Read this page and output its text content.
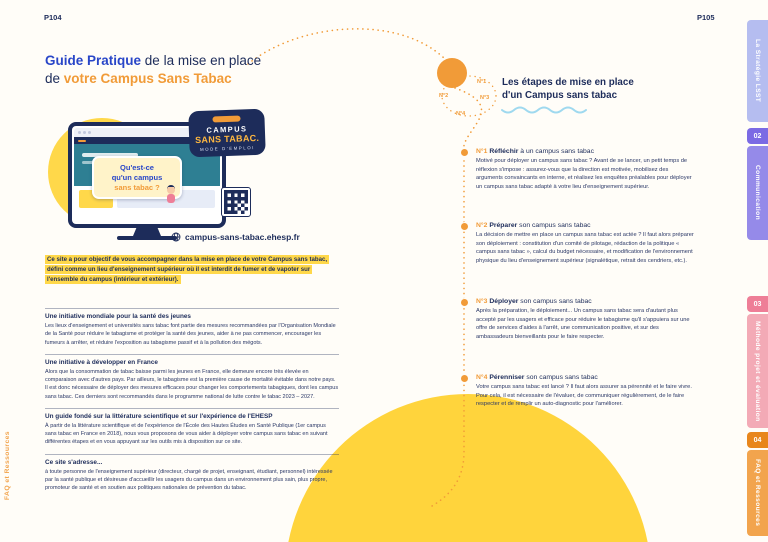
P104	P105
Guide Pratique de la mise en place
de votre Campus Sans Tabac
Qu'est-ce
qu'un campus
sans tabac ?
CAMPUS
SANS TABAC.
MODE D'EMPLOI
campus-sans-tabac.ehesp.fr
Ce site a pour objectif de vous accompagner dans la mise en place de votre Campus sans tabac, défini comme un lieu d'enseignement supérieur où il est interdit de fumer et de vapoter sur l'ensemble du campus (intérieur et extérieur).
Une initiative mondiale pour la santé des jeunes

Les lieux d'enseignement et universités sans tabac font partie des mesures recommandées par l'Organisation Mondiale de la Santé pour réduire le tabagisme et protéger la santé des jeunes, aider à ne pas commencer, encourager les fumeurs à arrêter, et réduire l'exposition au tabagisme passif et à la pollution des mégots.

Une initiative à développer en France

Alors que la consommation de tabac baisse parmi les jeunes en France, elle demeure encore très élevée en comparaison avec d'autres pays. Par ailleurs, le tabagisme est la première cause de mortalité évitable dans notre pays. Il est donc nécessaire de déployer des mesures efficaces pour changer les comportements tabagiques, dont les campus sans tabac. Ces derniers sont recommandés dans le programme national de lutte contre le tabac 2023 – 2027.

Un guide fondé sur la littérature scientifique et sur l'expérience de l'EHESP

À partir de la littérature scientifique et de l'expérience de l'École des Hautes Études en Santé Publique (1er campus sans tabac en France en 2018), nous vous proposons de vous aider à déployer votre campus sans tabac en suivant différentes étapes et en vous appuyant sur les outils mis à disposition sur ce site.

Ce site s'adresse...

à toute personne de l'enseignement supérieur (directeur, chargé de projet, enseignant, étudiant, personnel) intéressée par la santé publique et désireuse d'accueillir les usagers du campus dans un environnement plus sain, plus propre, promoteur de santé et en soutien aux politiques nationales de prévention du tabac.

Les étapes de mise en place
d'un Campus sans tabac
N°1
N°2	N°3
N°4
N°1 Réfléchir à un campus sans tabac

Motivé pour déployer un campus sans tabac ? Avant de se lancer, un petit temps de réflexion s'impose : assurez-vous que la direction est motivée, mobilisez des arguments convaincants en interne, et réalisez les enquêtes préalables pour déployer un campus sans tabac adapté à votre lieu d'enseignement supérieur.

N°2 Préparer son campus sans tabac

La décision de mettre en place un campus sans tabac est actée ? Il faut alors préparer son déploiement : constitution d'un comité de pilotage, rédaction de la politique « campus sans tabac », calcul du budget nécessaire, et modification de l'environnement physique du lieu d'enseignement supérieur (signalétique, retrait des cendriers, etc.).

N°3 Déployer son campus sans tabac

Après la préparation, le déploiement... Un campus sans tabac sera d'autant plus accepté par les usagers et efficace pour réduire le tabagisme qu'il s'appuiera sur une offre de services d'aides à l'arrêt, une communication positive, et sur des ambassadeurs bienveillants pour le faire respecter.

N°4 Pérenniser son campus sans tabac

Votre campus sans tabac est lancé ? Il faut alors assurer sa pérennité et le faire vivre. Pour cela, il est nécessaire de l'évaluer, de communiquer régulièrement, de le faire respecter et de remplir un auto-diagnostic pour l'améliorer.

La Stratégie LSST
02
Communication
03
Méthode projet et évaluation
04
FAQ et Ressources
FAQ et Ressources
